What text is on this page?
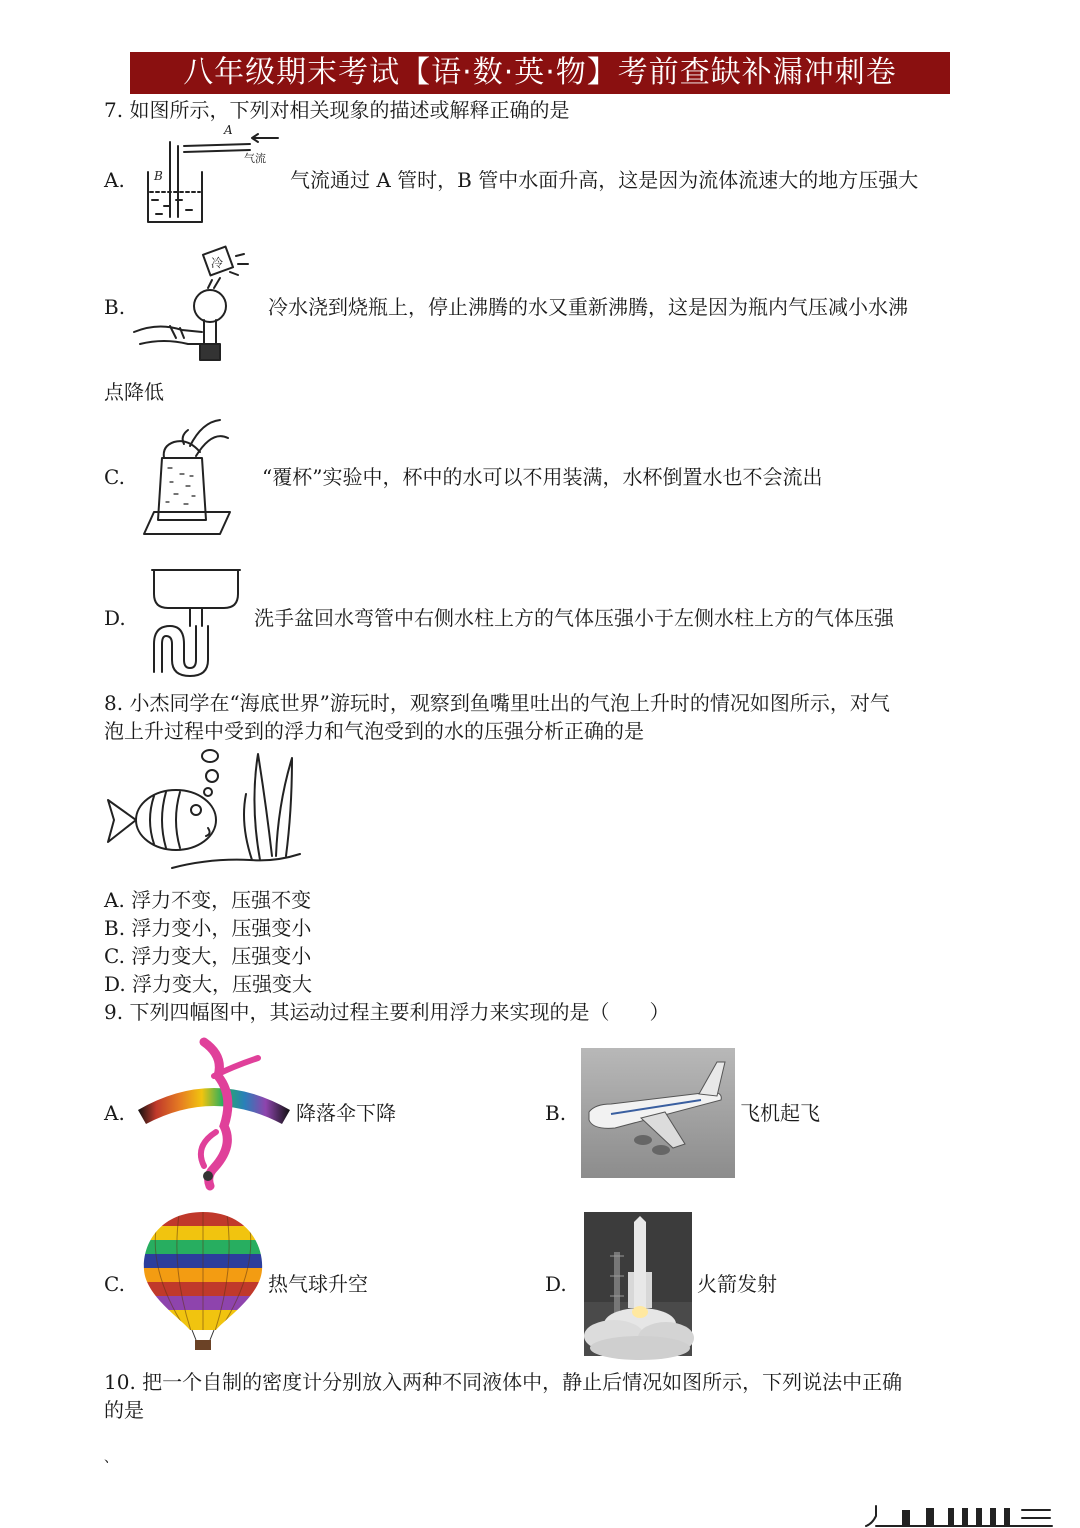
八年级期末考试【语·数·英·物】考前查缺补漏冲刺卷
7. 如图所示，下列对相关现象的描述或解释正确的是
A.
A
B
气流
气流通过 A 管时，B 管中水面升高，这是因为流体流速大的地方压强大
B.
冷
冷水浇到烧瓶上，停止沸腾的水又重新沸腾，这是因为瓶内气压减小水沸
点降低
C.	“覆杯”实验中，杯中的水可以不用装满，水杯倒置水也不会流出
D.	洗手盆回水弯管中右侧水柱上方的气体压强小于左侧水柱上方的气体压强
8. 小杰同学在“海底世界”游玩时，观察到鱼嘴里吐出的气泡上升时的情况如图所示，对气
泡上升过程中受到的浮力和气泡受到的水的压强分析正确的是
A. 浮力不变，压强不变
B. 浮力变小，压强变小
C. 浮力变大，压强变小
D. 浮力变大，压强变大
9. 下列四幅图中，其运动过程主要利用浮力来实现的是（　　）
A.	降落伞下降	B.	飞机起飞
C.	热气球升空	D.	火箭发射
10. 把一个自制的密度计分别放入两种不同液体中，静止后情况如图所示，下列说法中正确
的是
、
